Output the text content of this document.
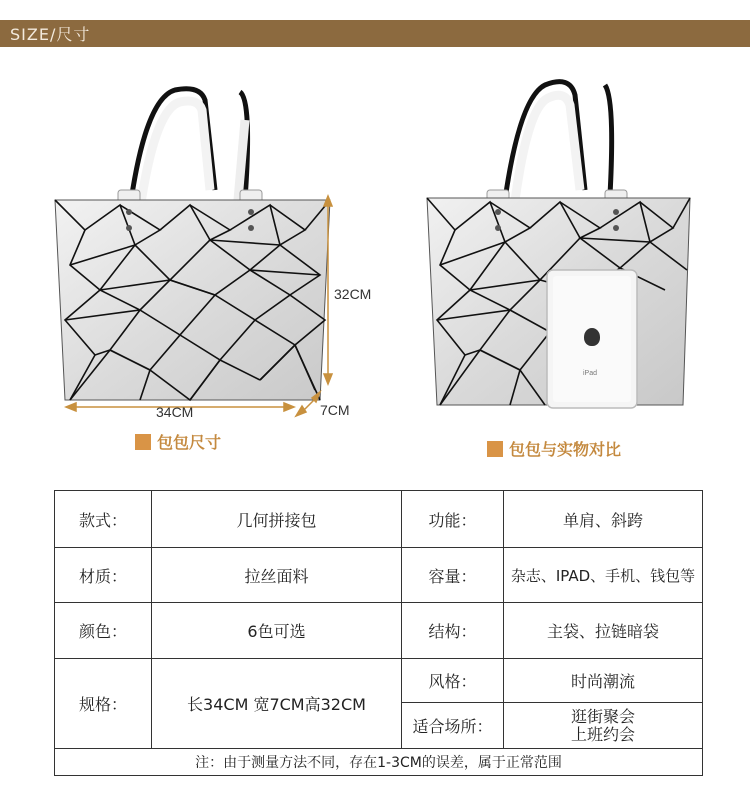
SIZE/尺寸
32CM
34CM	7CM
iPad
包包尺寸	包包与实物对比
款式：	几何拼接包	功能：	单肩、斜跨
材质：	拉丝面料	容量：	杂志、IPAD、手机、钱包等
颜色：	6色可选	结构：	主袋、拉链暗袋
规格：	长34CM 宽7CM高32CM	风格：	时尚潮流
		适合场所：	逛街聚会
上班约会

注：由于测量方法不同，存在1-3CM的误差，属于正常范围			
